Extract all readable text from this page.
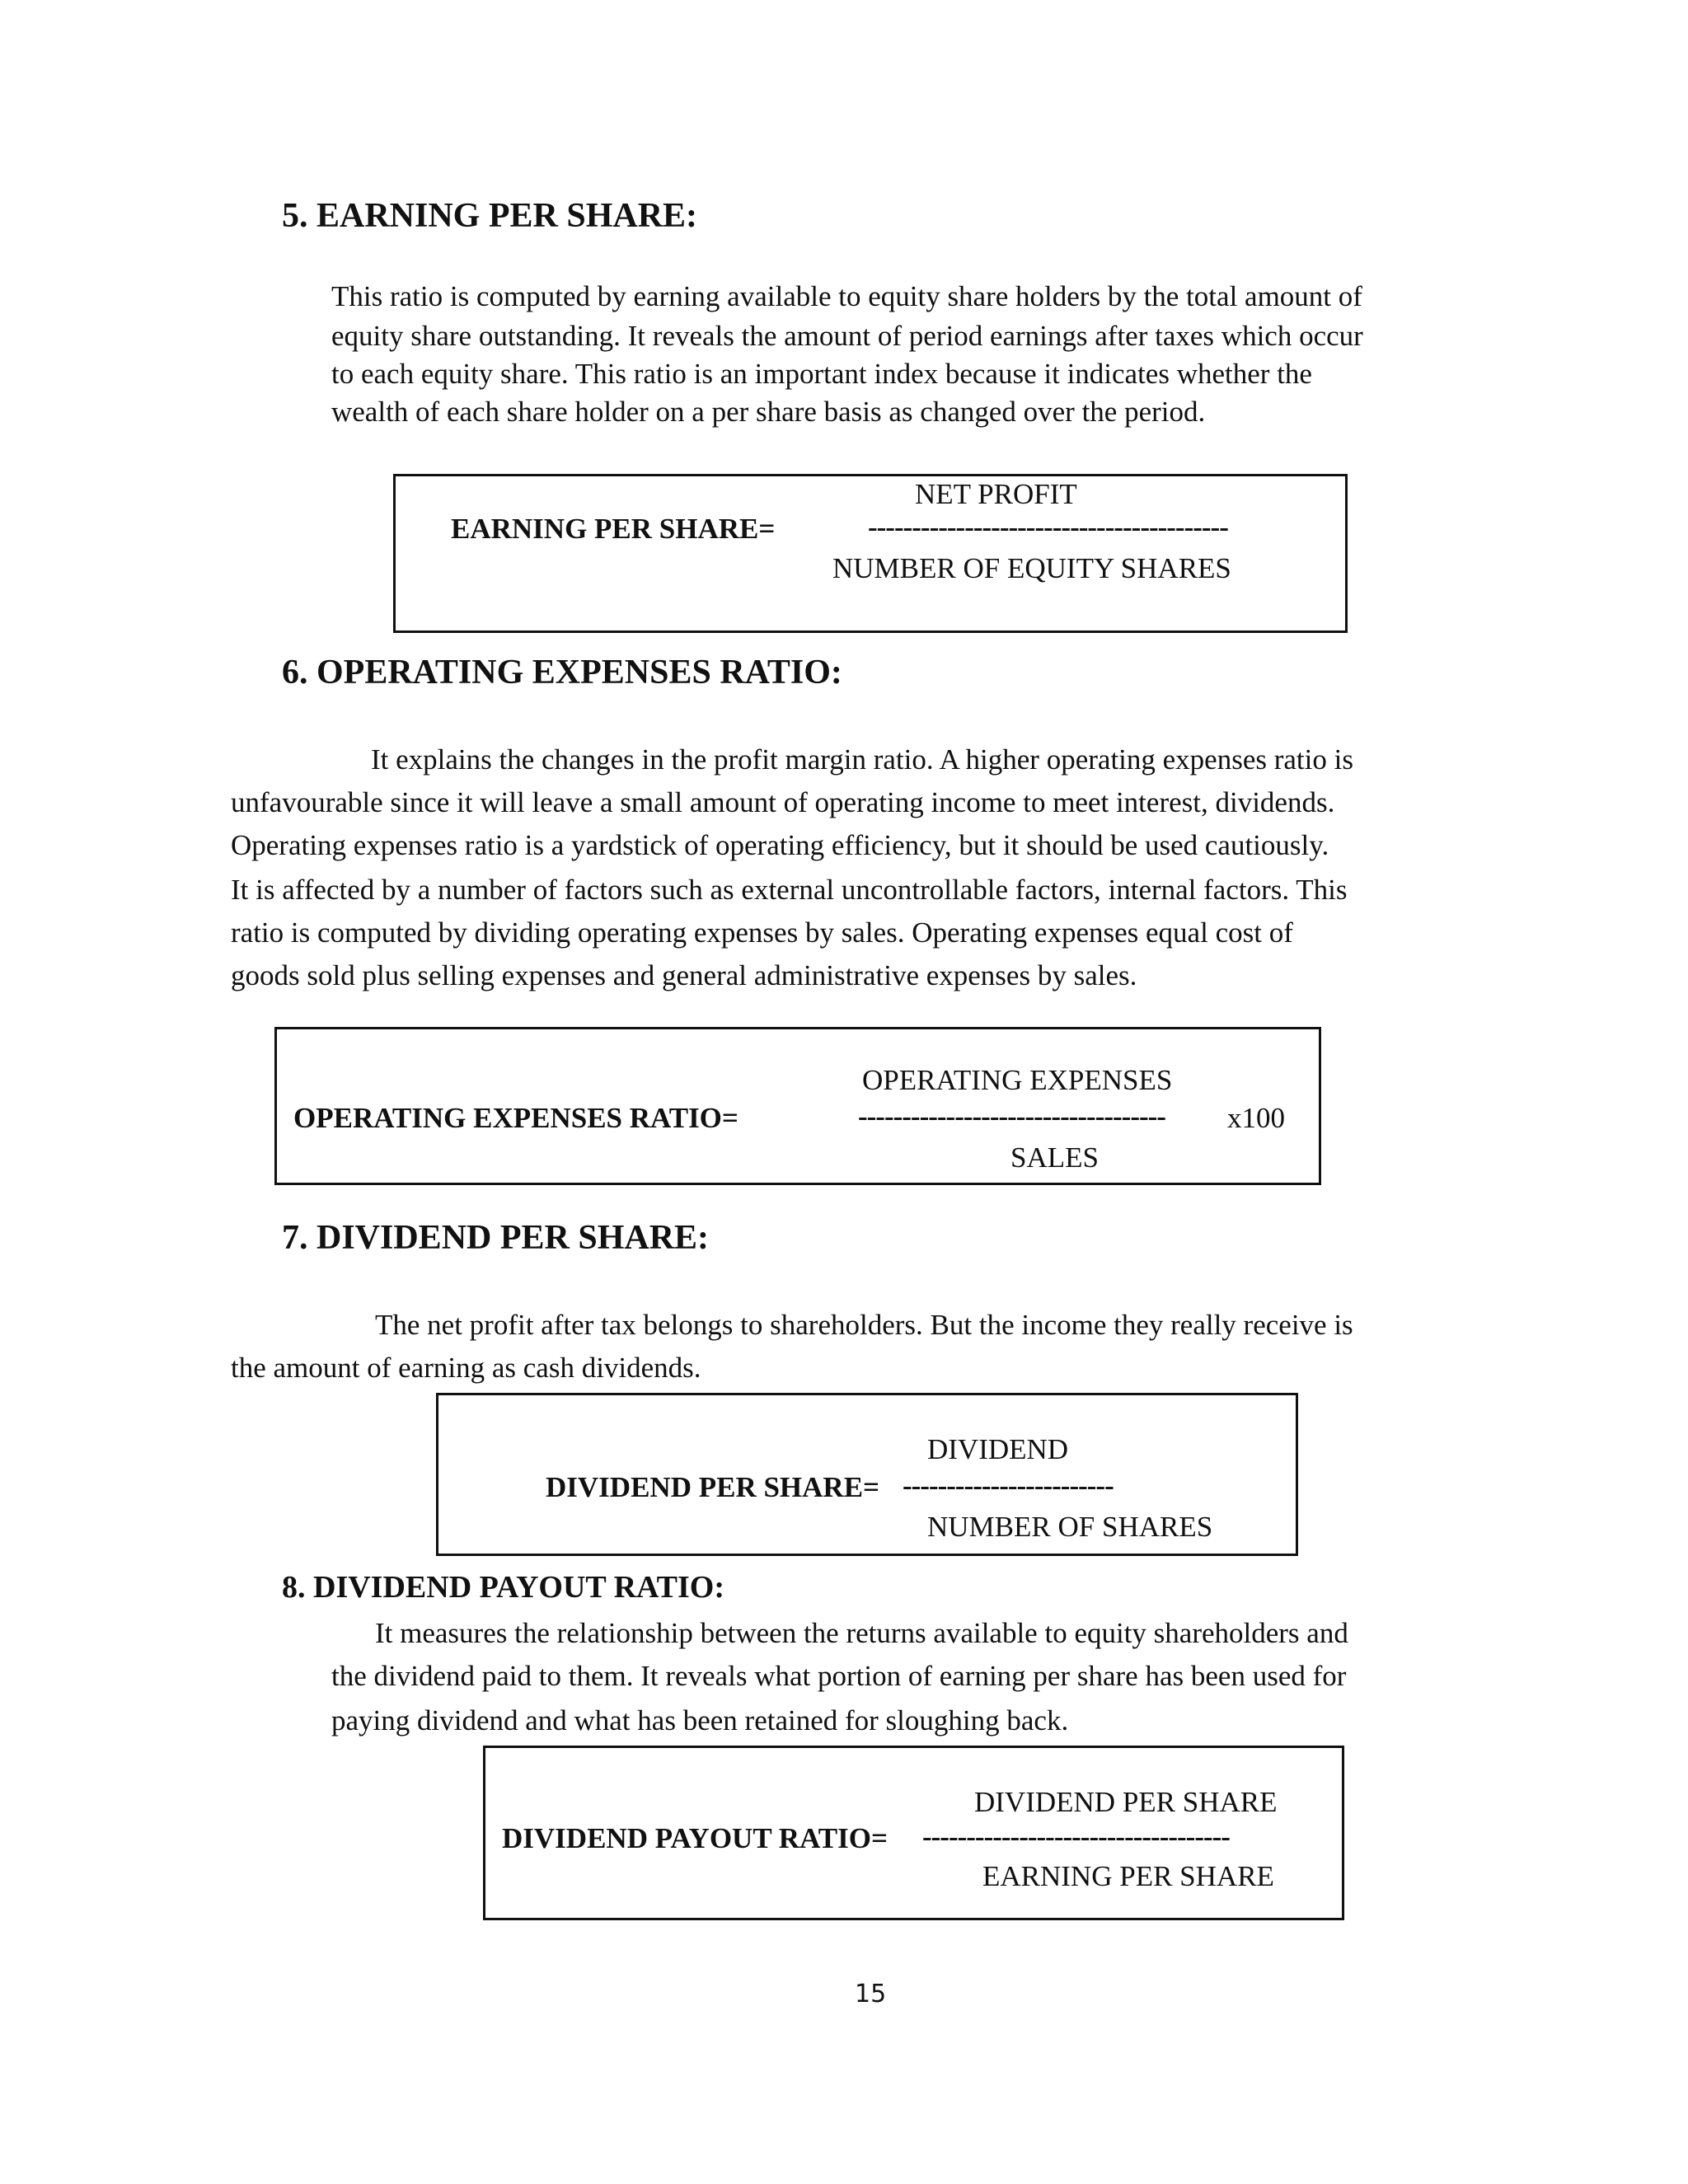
5. EARNING PER SHARE:
This ratio is computed by earning available to equity share holders by the total amount of
equity share outstanding. It reveals the amount of period earnings after taxes which occur
to each equity share. This ratio is an important index because it indicates whether the
wealth of each share holder on a per share basis as changed over the period.
NET PROFIT
EARNING PER SHARE=	-----------------------------------------
NUMBER OF EQUITY SHARES
6. OPERATING EXPENSES RATIO:
It explains the changes in the profit margin ratio. A higher operating expenses ratio is
unfavourable since it will leave a small amount of operating income to meet interest, dividends.
Operating expenses ratio is a yardstick of operating efficiency, but it should be used cautiously.
It is affected by a number of factors such as external uncontrollable factors, internal factors. This
ratio is computed by dividing operating expenses by sales. Operating expenses equal cost of
goods sold plus selling expenses and general administrative expenses by sales.
OPERATING EXPENSES
OPERATING EXPENSES RATIO=	----------------------------------- x100
SALES
7. DIVIDEND PER SHARE:
The net profit after tax belongs to shareholders. But the income they really receive is
the amount of earning as cash dividends.
DIVIDEND
DIVIDEND PER SHARE= ------------------------
NUMBER OF SHARES
8. DIVIDEND PAYOUT RATIO:
It measures the relationship between the returns available to equity shareholders and
the dividend paid to them. It reveals what portion of earning per share has been used for
paying dividend and what has been retained for sloughing back.
DIVIDEND PER SHARE
DIVIDEND PAYOUT RATIO= -----------------------------------
EARNING PER SHARE
15
